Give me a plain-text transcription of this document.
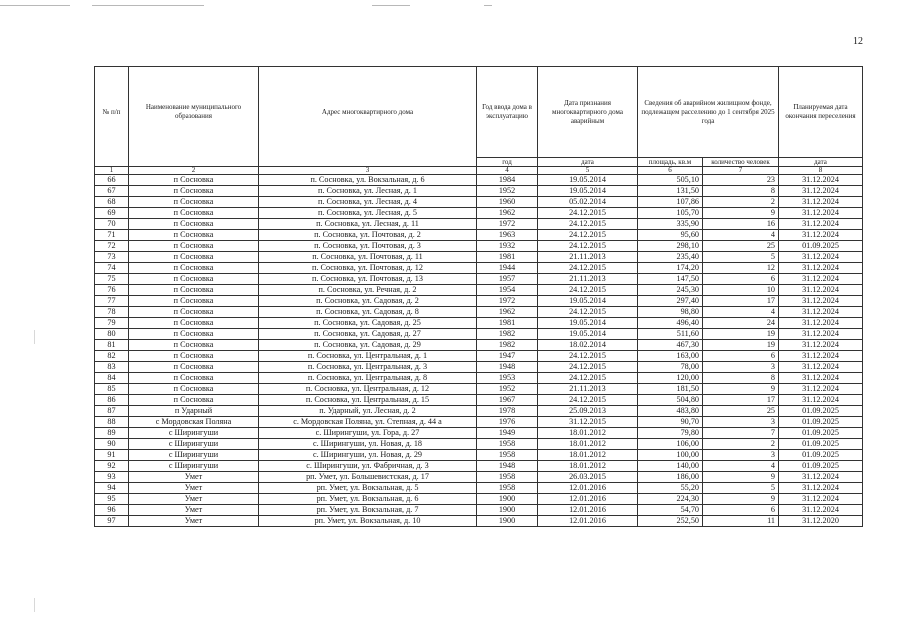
12
№ п/п	Наименование муниципального образования	Адрес многоквартирного дома	Год ввода дома в эксплуатацию	Дата признания многоквартирного дома аварийным	Сведения об аварийном жилищном фонде, подлежащем расселению до 1 сентября 2025 года		Планируемая дата окончания переселения
			год	дата	площадь, кв.м	количество человек	дата
1	2	3	4	5	6	7	8
66	п Сосновка	п. Сосновка, ул. Вокзальная, д. 6	1984	19.05.2014	505,10	23	31.12.2024
67	п Сосновка	п. Сосновка, ул. Лесная, д. 1	1952	19.05.2014	131,50	8	31.12.2024
68	п Сосновка	п. Сосновка, ул. Лесная, д. 4	1960	05.02.2014	107,86	2	31.12.2024
69	п Сосновка	п. Сосновка, ул. Лесная, д. 5	1962	24.12.2015	105,70	9	31.12.2024
70	п Сосновка	п. Сосновка, ул. Лесная, д. 11	1972	24.12.2015	335,90	16	31.12.2024
71	п Сосновка	п. Сосновка, ул. Почтовая, д. 2	1963	24.12.2015	95,60	4	31.12.2024
72	п Сосновка	п. Сосновка, ул. Почтовая, д. 3	1932	24.12.2015	298,10	25	01.09.2025
73	п Сосновка	п. Сосновка, ул. Почтовая, д. 11	1981	21.11.2013	235,40	5	31.12.2024
74	п Сосновка	п. Сосновка, ул. Почтовая, д. 12	1944	24.12.2015	174,20	12	31.12.2024
75	п Сосновка	п. Сосновка, ул. Почтовая, д. 13	1957	21.11.2013	147,50	6	31.12.2024
76	п Сосновка	п. Сосновка, ул. Речная, д. 2	1954	24.12.2015	245,30	10	31.12.2024
77	п Сосновка	п. Сосновка, ул. Садовая, д. 2	1972	19.05.2014	297,40	17	31.12.2024
78	п Сосновка	п. Сосновка, ул. Садовая, д. 8	1962	24.12.2015	98,80	4	31.12.2024
79	п Сосновка	п. Сосновка, ул. Садовая, д. 25	1981	19.05.2014	496,40	24	31.12.2024
80	п Сосновка	п. Сосновка, ул. Садовая, д. 27	1982	19.05.2014	511,60	19	31.12.2024
81	п Сосновка	п. Сосновка, ул. Садовая, д. 29	1982	18.02.2014	467,30	19	31.12.2024
82	п Сосновка	п. Сосновка, ул. Центральная, д. 1	1947	24.12.2015	163,00	6	31.12.2024
83	п Сосновка	п. Сосновка, ул. Центральная, д. 3	1948	24.12.2015	78,00	3	31.12.2024
84	п Сосновка	п. Сосновка, ул. Центральная, д. 8	1953	24.12.2015	120,00	8	31.12.2024
85	п Сосновка	п. Сосновка, ул. Центральная, д. 12	1952	21.11.2013	181,50	9	31.12.2024
86	п Сосновка	п. Сосновка, ул. Центральная, д. 15	1967	24.12.2015	504,80	17	31.12.2024
87	п Ударный	п. Ударный, ул. Лесная, д. 2	1978	25.09.2013	483,80	25	01.09.2025
88	с Мордовская Поляна	с. Мордовская Поляна, ул. Степная, д. 44 а	1976	31.12.2015	90,70	3	01.09.2025
89	с Ширингуши	с. Ширингуши, ул. Гора, д. 27	1949	18.01.2012	79,80	7	01.09.2025
90	с Ширингуши	с. Ширингуши, ул. Новая, д. 18	1958	18.01.2012	106,00	2	01.09.2025
91	с Ширингуши	с. Ширингуши, ул. Новая, д. 29	1958	18.01.2012	100,00	3	01.09.2025
92	с Ширингуши	с. Ширингуши, ул. Фабричная, д. 3	1948	18.01.2012	140,00	4	01.09.2025
93	Умет	рп. Умет, ул. Большевистская, д. 17	1958	26.03.2015	186,00	9	31.12.2024
94	Умет	рп. Умет, ул. Вокзальная, д. 5	1958	12.01.2016	55,20	5	31.12.2024
95	Умет	рп. Умет, ул. Вокзальная, д. 6	1900	12.01.2016	224,30	9	31.12.2024
96	Умет	рп. Умет, ул. Вокзальная, д. 7	1900	12.01.2016	54,70	6	31.12.2024
97	Умет	рп. Умет, ул. Вокзальная, д. 10	1900	12.01.2016	252,50	11	31.12.2020
